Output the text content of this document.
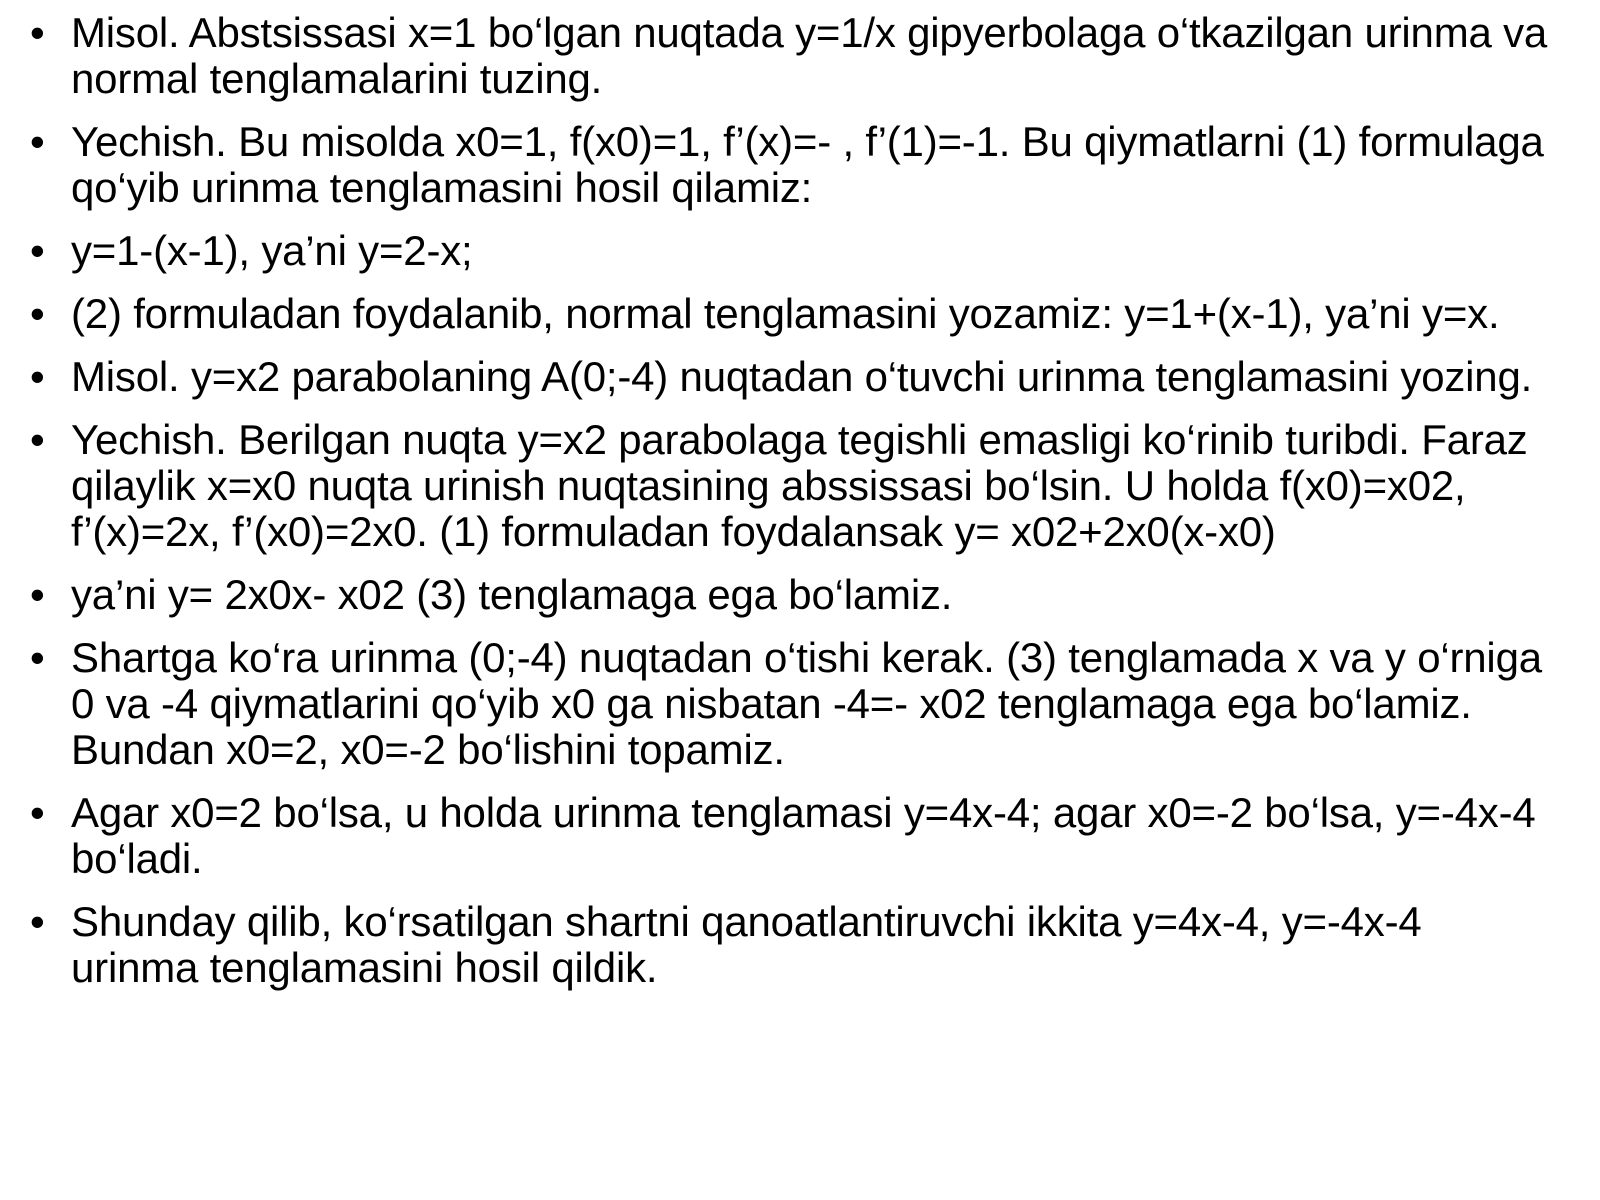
• Misol. Abstsissasi x=1 bo‘lgan nuqtada y=1/x gipyerbolaga o‘tkazilgan urinma va normal tenglamalarini tuzing.
• Yechish. Bu misolda x0=1, f(x0)=1, f’(x)=- , f’(1)=-1. Bu qiymatlarni (1) formulaga qo‘yib urinma tenglamasini hosil qilamiz:
• y=1-(x-1), ya’ni y=2-x;
• (2) formuladan foydalanib, normal tenglamasini yozamiz: y=1+(x-1), ya’ni y=x.
• Misol. y=x2 parabolaning A(0;-4) nuqtadan o‘tuvchi urinma tenglamasini yozing.
• Yechish. Berilgan nuqta y=x2 parabolaga tegishli emasligi ko‘rinib turibdi. Faraz qilaylik x=x0 nuqta urinish nuqtasining abssissasi bo‘lsin. U holda f(x0)=x02, f’(x)=2x, f’(x0)=2x0. (1) formuladan foydalansak y= x02+2x0(x-x0)
• ya’ni y= 2x0x- x02 (3) tenglamaga ega bo‘lamiz.
• Shartga ko‘ra urinma (0;-4) nuqtadan o‘tishi kerak. (3) tenglamada x va y o‘rniga 0 va -4 qiymatlarini qo‘yib x0 ga nisbatan -4=- x02 tenglamaga ega bo‘lamiz. Bundan x0=2, x0=-2 bo‘lishini topamiz.
• Agar x0=2 bo‘lsa, u holda urinma tenglamasi y=4x-4; agar x0=-2 bo‘lsa, y=-4x-4 bo‘ladi.
• Shunday qilib, ko‘rsatilgan shartni qanoatlantiruvchi ikkita y=4x-4, y=-4x-4 urinma tenglamasini hosil qildik.
